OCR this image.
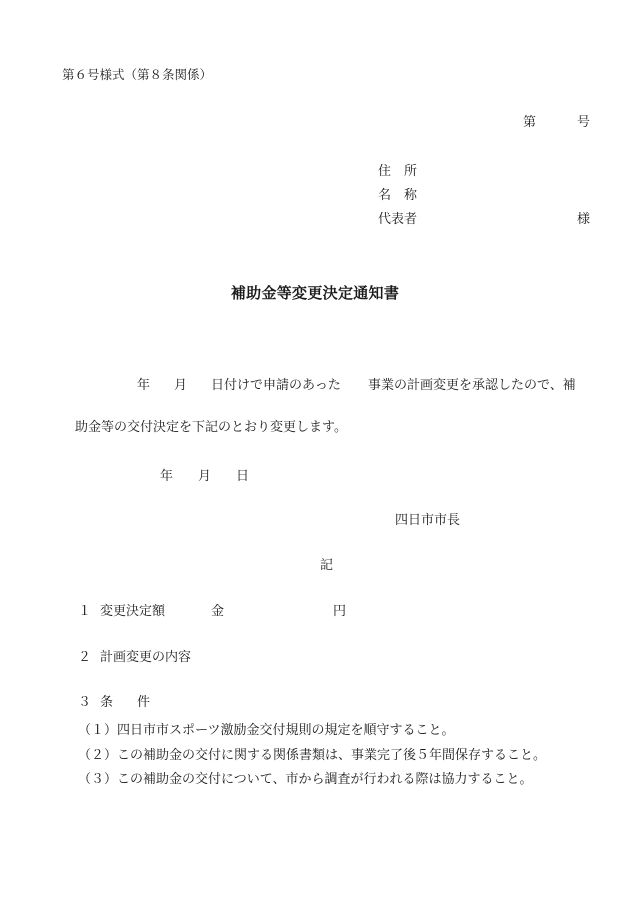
第６号様式（第８条関係）
第	号
住　所
名　称
代表者	様
補助金等変更決定通知書
年 月 日付けで申請のあった 事業の計画変更を承認したので、補
助金等の交付決定を下記のとおり変更します。
年 月 日
四日市市長
記
１ 変更決定額	金	円
２ 計画変更の内容
３ 条 件
（１） 四日市市スポーツ激励金交付規則の規定を順守すること。
（２） この補助金の交付に関する関係書類は、事業完了後５年間保存すること。
（３） この補助金の交付について、市から調査が行われる際は協力すること。
